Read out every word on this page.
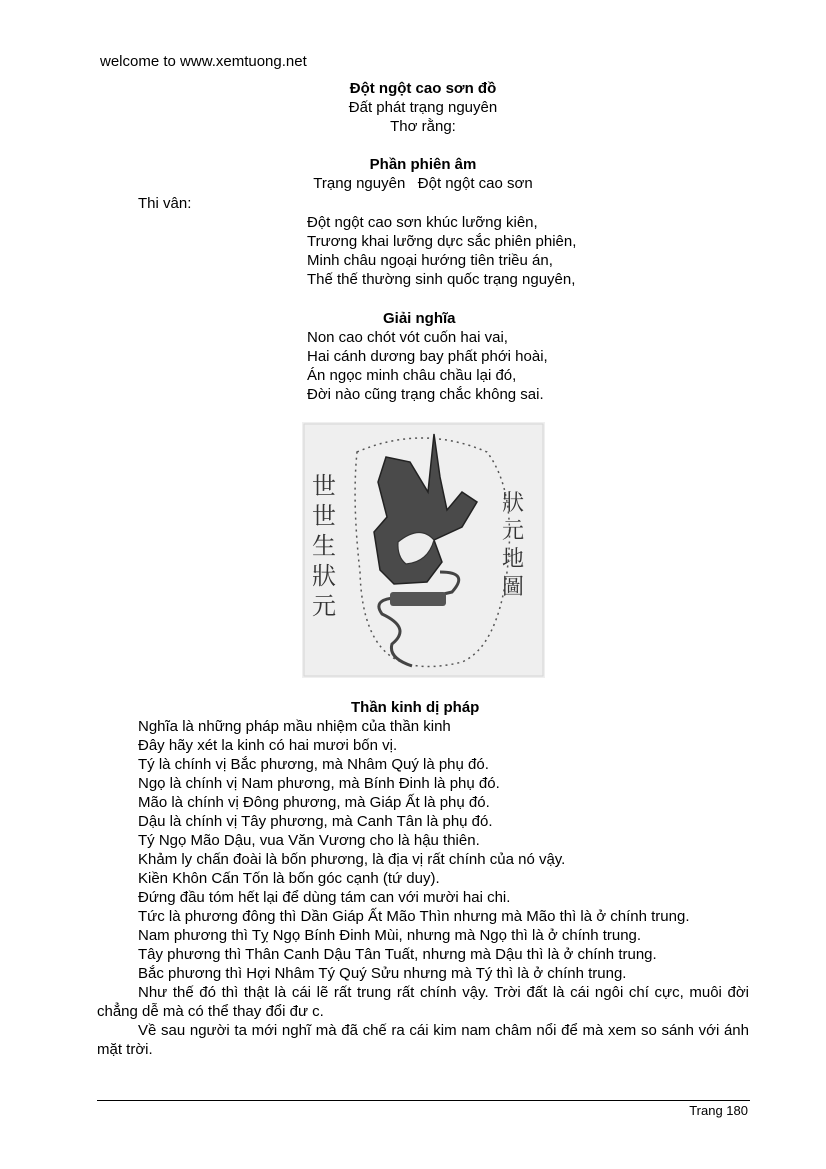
welcome to www.xemtuong.net
Đột ngột cao sơn đồ
Đất phát trạng nguyên
Thơ rằng:
Phần phiên âm
Trạng nguyên   Đột ngột cao sơn
Thi vân:
Đột ngột cao sơn khúc lưỡng kiên,
Trương khai lưỡng dực sắc phiên phiên,
Minh châu ngoại hướng tiên triều án,
Thế thế thường sinh quốc trạng nguyên,
Giải nghĩa
Non cao chót vót cuốn hai vai,
Hai cánh dương bay phất phới hoài,
Án ngọc minh châu chầu lại đó,
Đời nào cũng trạng chắc không sai.
世世生狀元
狀元地圖
Thần kinh dị pháp

Nghĩa là những pháp mầu nhiệm của thần kinh

Đây hãy xét la kinh có hai mươi bốn vị.

Tý là chính vị Bắc phương, mà Nhâm Quý là phụ đó.

Ngọ là chính vị Nam phương, mà Bính Đinh là phụ đó.

Mão là chính vị Đông phương, mà Giáp Ất là phụ đó.

Dậu là chính vị Tây phương, mà Canh Tân là phụ đó.

Tý Ngọ Mão Dậu, vua Văn Vương cho là hậu thiên.

Khảm ly chấn đoài là bốn phương, là địa vị rất chính của nó vậy.

Kiền Khôn Cấn Tốn là bốn góc cạnh (tứ duy).

Đứng đầu tóm hết lại để dùng tám can với mười hai chi.

Tức là phương đông thì Dần Giáp Ất Mão Thìn nhưng mà Mão thì là ở chính trung.

Nam phương thì Tỵ Ngọ Bính Đinh Mùi, nhưng mà Ngọ thì là ở chính trung.

Tây phương thì Thân Canh Dậu Tân Tuất, nhưng mà Dậu thì là ở chính trung.

Bắc phương thì Hợi Nhâm Tý Quý Sửu nhưng mà Tý thì là ở chính trung.

Như thế đó thì thật là cái lẽ rất trung rất chính vậy. Trời đất là cái ngôi chí cực, muôi đời chẳng dễ mà có thể thay đổi đư c.

Về sau người ta mới nghĩ mà đã chế ra cái kim nam châm nổi để mà xem so sánh với ánh mặt trời.

Trang 180
